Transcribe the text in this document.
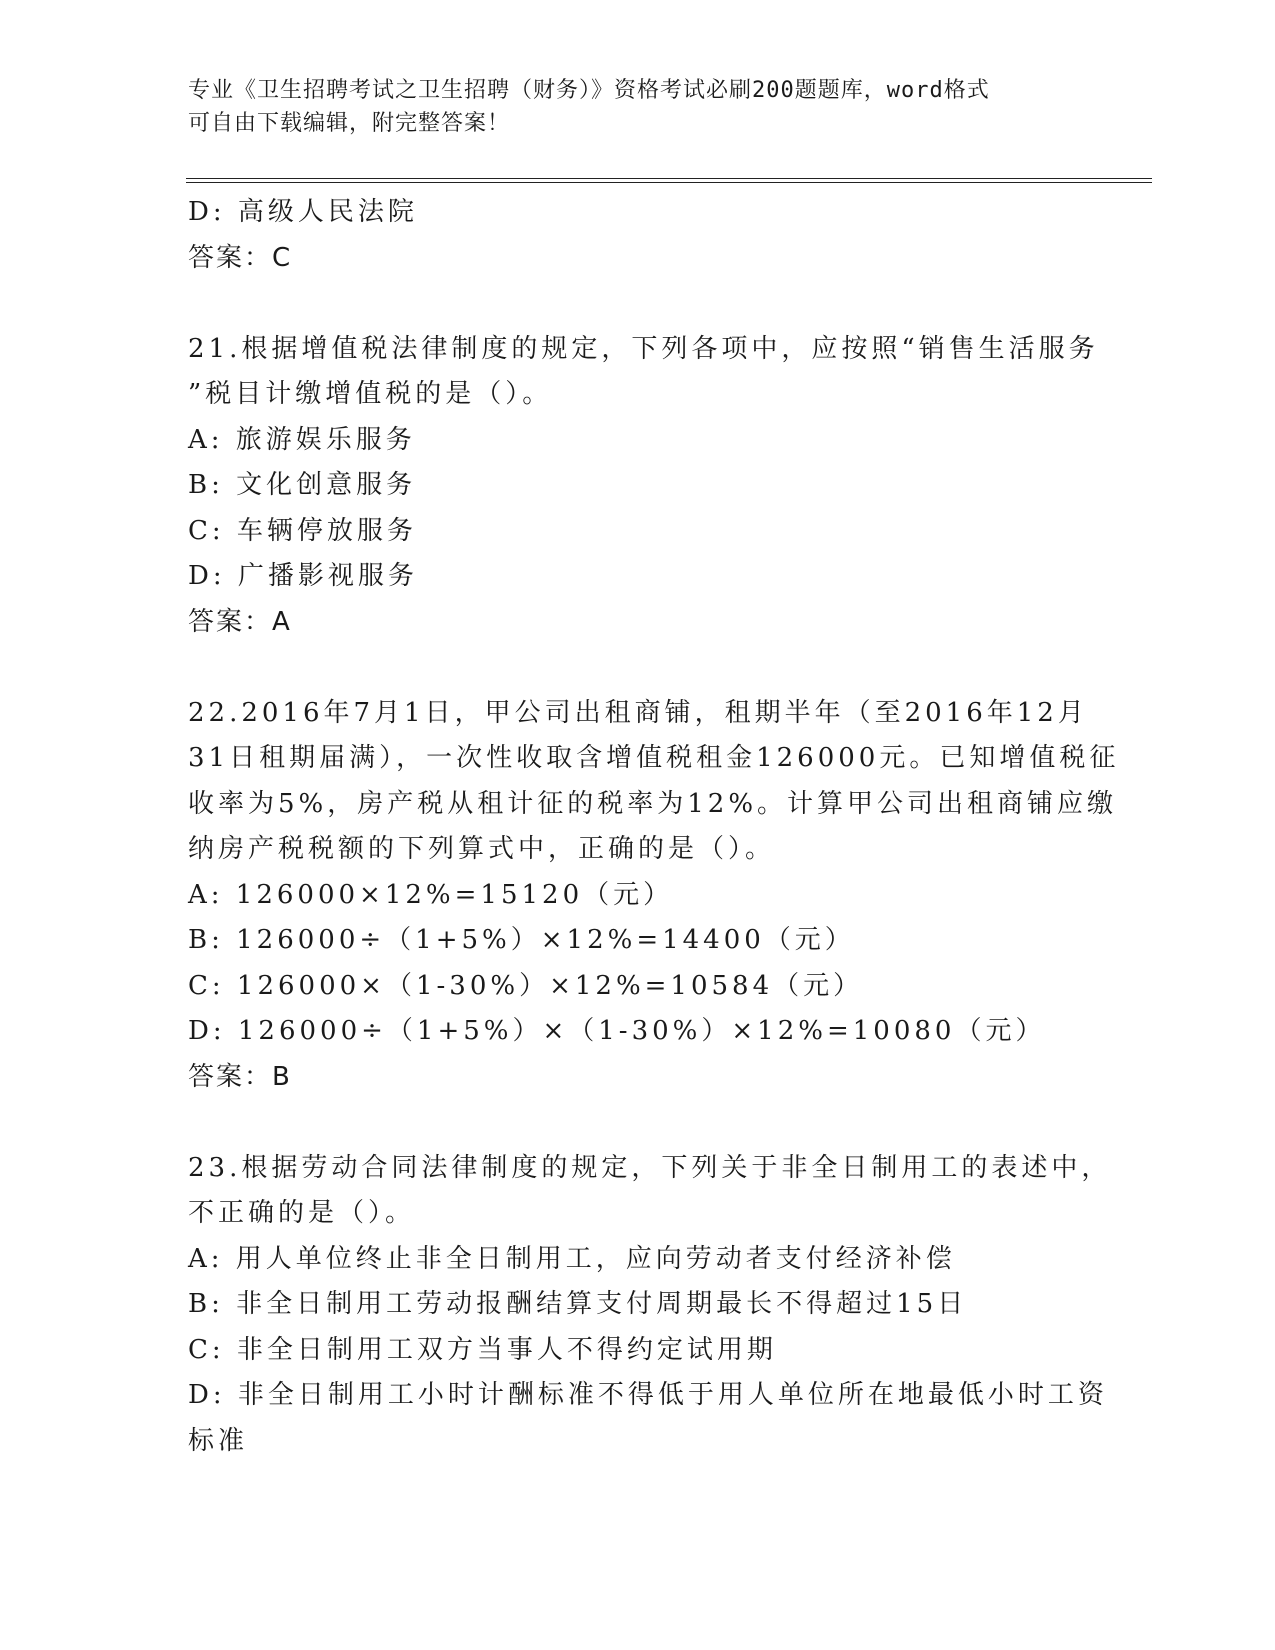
专业《卫生招聘考试之卫生招聘（财务）》资格考试必刷200题题库，word格式
可自由下载编辑，附完整答案！
D: 高级人民法院
答案：C
21.根据增值税法律制度的规定，下列各项中，应按照“销售生活服务
”税目计缴增值税的是（）。
A: 旅游娱乐服务
B: 文化创意服务
C: 车辆停放服务
D: 广播影视服务
答案：A
22.2016年7月1日，甲公司出租商铺，租期半年（至2016年12月
31日租期届满），一次性收取含增值税租金126000元。已知增值税征
收率为5%，房产税从租计征的税率为12%。计算甲公司出租商铺应缴
纳房产税税额的下列算式中，正确的是（）。
A: 126000×12%=15120（元）
B: 126000÷（1+5%）×12%=14400（元）
C: 126000×（1-30%）×12%=10584（元）
D: 126000÷（1+5%）×（1-30%）×12%=10080（元）
答案：B
23.根据劳动合同法律制度的规定，下列关于非全日制用工的表述中，
不正确的是（）。
A: 用人单位终止非全日制用工，应向劳动者支付经济补偿
B: 非全日制用工劳动报酬结算支付周期最长不得超过15日
C: 非全日制用工双方当事人不得约定试用期
D: 非全日制用工小时计酬标准不得低于用人单位所在地最低小时工资
标准
